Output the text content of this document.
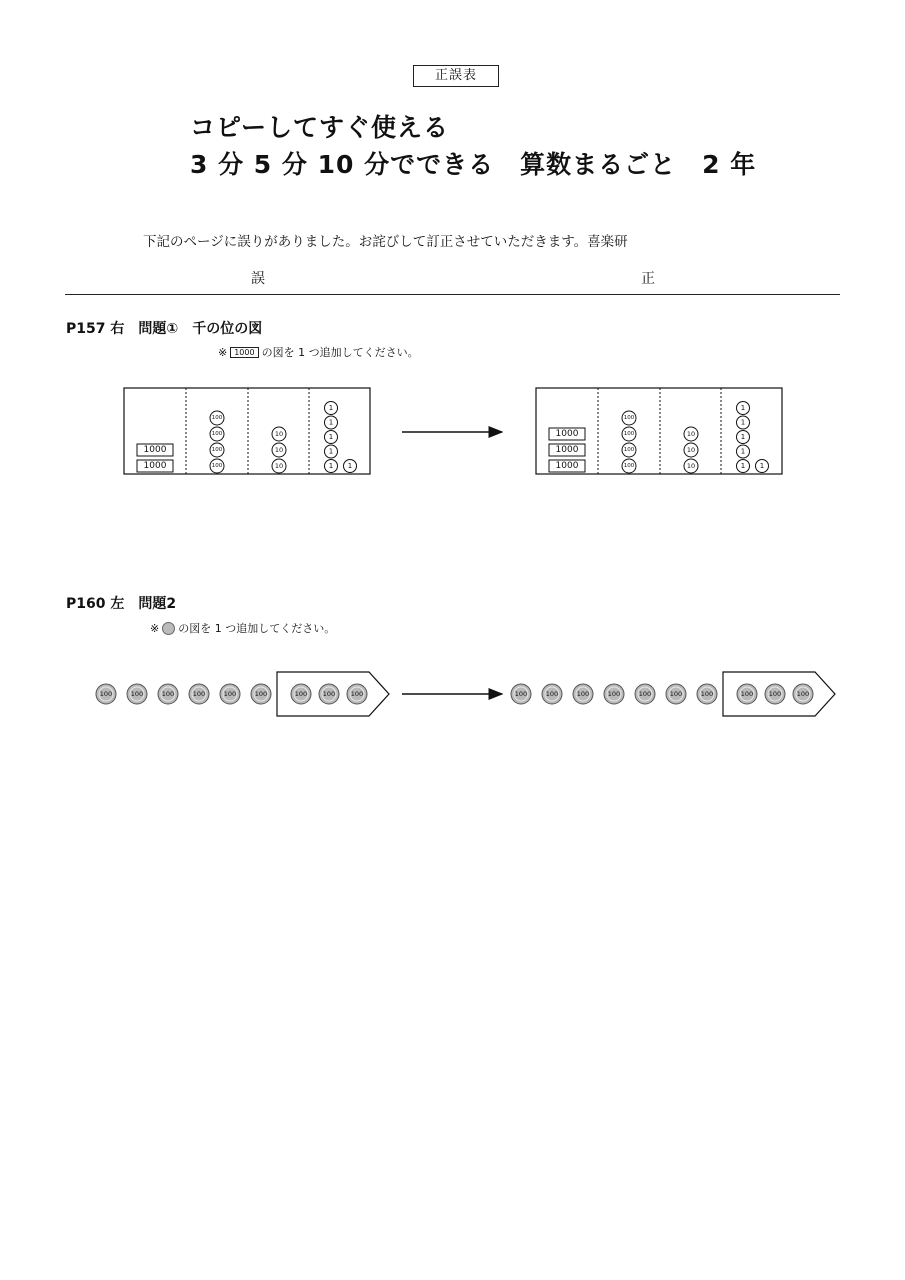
正誤表
コピーしてすぐ使える
3 分 5 分 10 分でできる　算数まるごと　2 年
下記のページに誤りがありました。お詫びして訂正させていただきます。喜楽研
誤	正
P157 右　問題①　千の位の図
※ 1000 の図を 1 つ追加してください。
P160 左　問題2
※ の図を 1 つ追加してください。
1000
1000
100
100
100
100
10
10
10
1
1
1
1
1
1	1000
1000
1000
100
100
100
100
10
10
10
1
1
1
1
1
1
100	100	100	100	100	100	100 100 100	100	100	100	100	100	100	100	100 100 100
